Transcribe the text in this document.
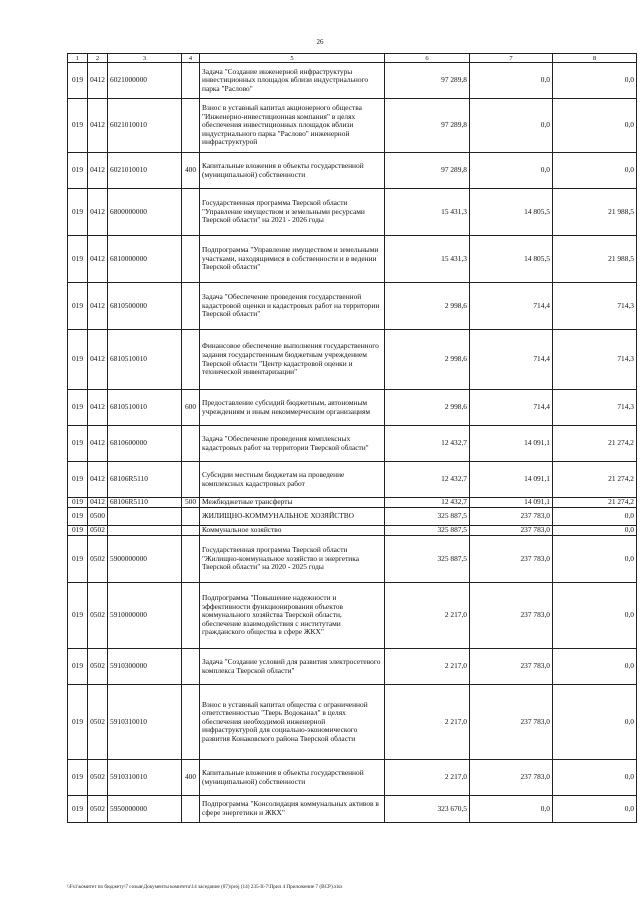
26
1	2	3	4	5	6	7	8
019	0412	6021000000		Задача "Создание инженерной инфраструктуры инвестиционных площадок вблизи индустриального парка "Раслово"	97 289,8	0,0	0,0
019	0412	6021010010		Взнос в уставный капитал акционерного общества "Инженерно-инвестиционная компания" в целях обеспечения инвестиционных площадок вблизи индустриального парка "Раслово" инженерной инфраструктурой	97 289,8	0,0	0,0
019	0412	6021010010	400	Капитальные вложения в объекты государственной (муниципальной) собственности	97 289,8	0,0	0,0
019	0412	6800000000		Государственная программа Тверской области "Управление имуществом и земельными ресурсами Тверской области" на 2021 - 2026 годы	15 431,3	14 805,5	21 988,5
019	0412	6810000000		Подпрограмма "Управление имуществом и земельными участками, находящимися в собственности и в ведении Тверской области"	15 431,3	14 805,5	21 988,5
019	0412	6810500000		Задача "Обеспечение проведения государственной кадастровой оценки и кадастровых работ на территории Тверской области"	2 998,6	714,4	714,3
019	0412	6810510010		Финансовое обеспечение выполнения государственного задания государственным бюджетным учреждением Тверской области "Центр кадастровой оценки и технической инвентаризации"	2 998,6	714,4	714,3
019	0412	6810510010	600	Предоставление субсидий бюджетным, автономным учреждениям и иным некоммерческим организациям	2 998,6	714,4	714,3
019	0412	6810600000		Задача "Обеспечение проведения комплексных кадастровых работ на территории Тверской области"	12 432,7	14 091,1	21 274,2
019	0412	68106R5110		Субсидии местным бюджетам на проведение комплексных кадастровых работ	12 432,7	14 091,1	21 274,2
019	0412	68106R5110	500	Межбюджетные трансферты	12 432,7	14 091,1	21 274,2
019	0500			ЖИЛИЩНО-КОММУНАЛЬНОЕ ХОЗЯЙСТВО	325 887,5	237 783,0	0,0
019	0502			Коммунальное хозяйство	325 887,5	237 783,0	0,0
019	0502	5900000000		Государственная программа Тверской области "Жилищно-коммунальное хозяйство и энергетика Тверской области" на 2020 - 2025 годы	325 887,5	237 783,0	0,0
019	0502	5910000000		Подпрограмма "Повышение надежности и эффективности функционирования объектов коммунального хозяйства Тверской области, обеспечение взаимодействия с институтами гражданского общества в сфере ЖКХ"	2 217,0	237 783,0	0,0
019	0502	5910300000		Задача "Создание условий для развития электросетевого комплекса Тверской области"	2 217,0	237 783,0	0,0
019	0502	5910310010		Взнос в уставный капитал общества с ограниченной ответственностью "Тверь Водоканал" в целях обеспечения необходимой инженерной инфраструктурой для социально-экономического развития Конаковского района Тверской области	2 217,0	237 783,0	0,0
019	0502	5910310010	400	Капитальные вложения в объекты государственной (муниципальной) собственности	2 217,0	237 783,0	0,0
019	0502	5950000000		Подпрограмма "Консолидация коммунальных активов в сфере энергетики и ЖКХ"	323 670,5	0,0	0,0
\\Fs1\комитет по бюджету\7 созыв\Документы комитета\14 заседание (07)\proj (14) 235-II-7\Прил 4 Приложение 7 (ВСР).xlsx
